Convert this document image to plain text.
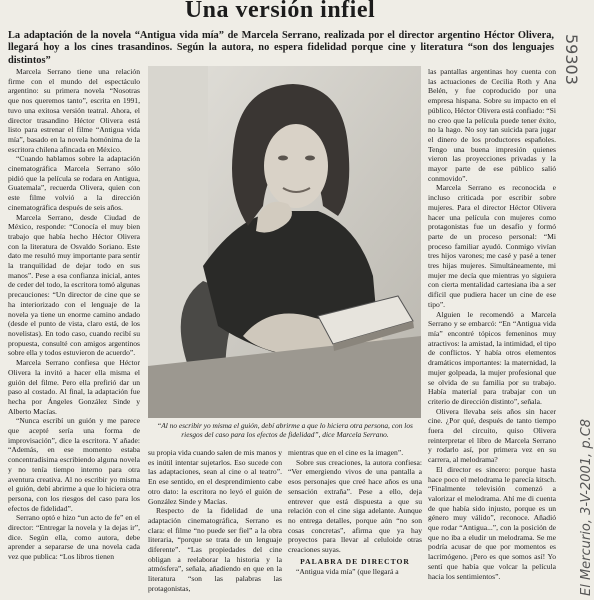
Una versión infiel
La adaptación de la novela “Antigua vida mía” de Marcela Serrano, realizada por el director argentino Héctor Olivera, llegará hoy a los cines trasandinos. Según la autora, no espera fidelidad porque cine y literatura “son dos lenguajes distintos”

Marcela Serrano tiene una relación firme con el mundo del espectáculo argentino: su primera novela “Nosotras que nos queremos tanto”, escrita en 1991, tuvo una exitosa versión teatral. Ahora, el director trasandino Héctor Olivera está listo para estrenar el filme “Antigua vida mía”, basado en la novela homónima de la escritora chilena afincada en México.

“Cuando hablamos sobre la adaptación cinematográfica Marcela Serrano sólo pidió que la película se rodara en Antigua, Guatemala”, recuerda Olivera, quien con este filme volvió a la dirección cinematográfica después de seis años.

Marcela Serrano, desde Ciudad de México, responde: “Conocía el muy bien trabajo que había hecho Héctor Olivera con la literatura de Osvaldo Soriano. Este dato me resultó muy importante para sentir la tranquilidad de dejar todo en sus manos”. Pese a esa confianza inicial, antes de ceder del todo, la escritora tomó algunas precauciones: “Un director de cine que se ha interiorizado con el lenguaje de la novela ya tiene un enorme camino andado (desde el punto de vista, claro está, de los novelistas). En todo caso, cuando recibí su propuesta, consulté con amigos argentinos sobre ella y todos estuvieron de acuerdo”.

Marcela Serrano confiesa que Héctor Olivera la invitó a hacer ella misma el guión del filme. Pero ella prefirió dar un paso al costado. Al final, la adaptación fue hecha por Ángeles González Sinde y Alberto Macías.

“Nunca escribí un guión y me parece que acepté sería una forma de improvisación”, dice la escritora. Y añade: “Además, en ese momento estaba concentradísima escribiendo alguna novela y no tenía tiempo interno para otra aventura creativa. Al no escribir yo misma el guión, debí abrirme a que lo hiciera otra persona, con los riesgos del caso para los efectos de fidelidad”.

Serrano optó e hizo “un acto de fe” en el director: “Entregar la novela y la dejas ir”, dice. Según ella, como autora, debe aprender a separarse de una novela cada vez que publica: “Los libros tienen

“Al no escribir yo misma el guión, debí abrirme a que lo hiciera otra persona, con los riesgos del caso para los efectos de fidelidad”, dice Marcela Serrano.

su propia vida cuando salen de mis manos y es inútil intentar sujetarlos. Eso sucede con las adaptaciones, sean al cine o al teatro”. En ese sentido, en el desprendimiento cabe otro dato: la escritora no leyó el guión de González Sinde y Macías.

Respecto de la fidelidad de una adaptación cinematográfica, Serrano es clara: el filme “no puede ser fiel” a la obra literaria, “porque se trata de un lenguaje diferente”. “Las propiedades del cine obligan a reelaborar la historia y la atmósfera”, señala, añadiendo en que en la literatura “son las palabras las protagonistas,

mientras que en el cine es la imagen”.

Sobre sus creaciones, la autora confiesa: “Ver emergiendo vivos de una pantalla a esos personajes que creé hace años es una sensación extraña”. Pese a ello, deja entrever que está dispuesta a que su relación con el cine siga adelante. Aunque no entrega detalles, porque aún “no son cosas concretas”, afirma que ya hay proyectos para llevar al celuloide otras creaciones suyas.

PALABRA DE DIRECTOR

“Antigua vida mía” (que llegará a

las pantallas argentinas hoy cuenta con las actuaciones de Cecilia Roth y Ana Belén, y fue coproducido por una empresa hispana. Sobre su impacto en el público, Héctor Olivera está confiado: “Si no creo que la película puede tener éxito, no la hago. No soy tan suicida para jugar el dinero de los productores españoles. Tengo una buena impresión quienes vieron las proyecciones privadas y la mayor parte de ese público salió conmovido”.

Marcela Serrano es reconocida e incluso criticada por escribir sobre mujeres. Para el director Héctor Olivera hacer una película con mujeres como protagonistas fue un desafío y formó parte de un proceso personal: “Mi proceso familiar ayudó. Conmigo vivían tres hijos varones; me casé y pasé a tener tres hijas mujeres. Simultáneamente, mi mujer me decía que mientras yo siguiera con cierta mentalidad cartesiana iba a ser difícil que pudiera hacer un cine de ese tipo”.

Alguien le recomendó a Marcela Serrano y se embarcó: “En “Antigua vida mía” encontré tópicos femeninos muy atractivos: la amistad, la intimidad, el tipo de conflictos. Y había otros elementos dramáticos importantes: la maternidad, la mujer golpeada, la mujer profesional que se olvida de su familia por su trabajo. Había material para trabajar con un criterio de dirección distinto”, señala.

Olivera llevaba seis años sin hacer cine. ¿Por qué, después de tanto tiempo fuera del circuito, quiso Olivera reinterpretar el libro de Marcela Serrano y rodarlo así, por primera vez en su carrera, al melodrama?

El director es sincero: porque hasta hace poco el melodrama le parecía kitsch. “Finalmente televisión comenzó a valorizar el melodrama. Ahí me di cuenta de que había sido injusto, porque es un género muy válido”, reconoce. Añadió que rodar “Antigua...”, con la posición de que no iba a eludir un melodrama. Se me podría acusar de que por momentos es lacrimógeno. ¡Pero es que somos así! Yo sentí que había que volcar la película hacia los sentimientos”.

59303
El Mercurio, 3-V-2001, p.C8
